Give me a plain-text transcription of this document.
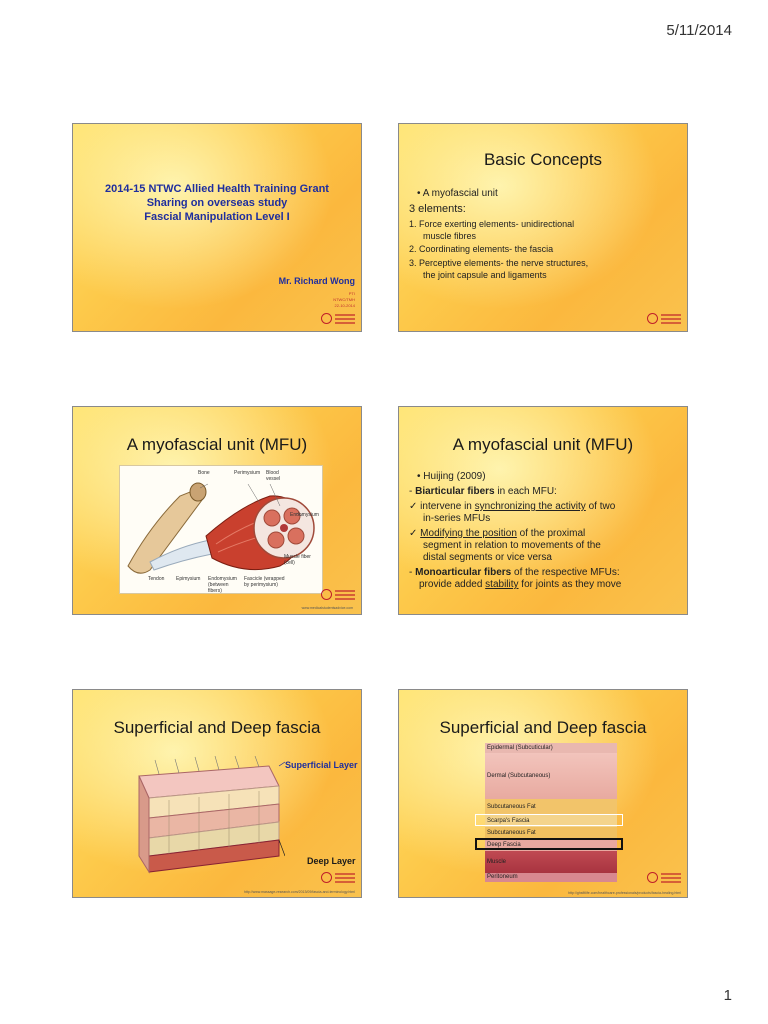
5/11/2014
2014-15 NTWC Allied Health Training Grant
Sharing on overseas study
Fascial Manipulation Level I
Mr. Richard Wong
PTI
NTWC/TMH
22-10-2014
Basic Concepts
• A myofascial unit
3 elements:
1. Force exerting elements- unidirectional
muscle fibres
2. Coordinating elements- the fascia
3. Perceptive elements- the nerve structures,
the joint capsule and ligaments
A myofascial unit (MFU)
Bone	Perimysium Blood vessel
Endomysium
Muscle fiber (cell)
Tendon Epimysium Endomysium (between fibers)
Fascicle (wrapped by perimysium)
www.medicalstudentsadvice.com
A myofascial unit (MFU)
• Huijing (2009)
- Biarticular fibers in each MFU:
✓ intervene in synchronizing the activity of two
in-series MFUs
✓ Modifying the position of the proximal
segment in relation to movements of the
distal segments or vice versa
- Monoarticular fibers of the respective MFUs:
provide added stability for joints as they move
Superficial and Deep fascia
Superficial Layer
Deep Layer
http://www.massage-research.com/2013/09/fascia-and-terminology.html
Superficial and Deep fascia
Epidermal (Subcuticular)
Dermal (Subcutaneous)
Subcutaneous Fat
Scarpa's Fascia
Subcutaneous Fat
Deep Fascia
Muscle
Peritoneum
http://ghsfitlife.com/healthcare-professionals/products/fascia-healing.html
1
